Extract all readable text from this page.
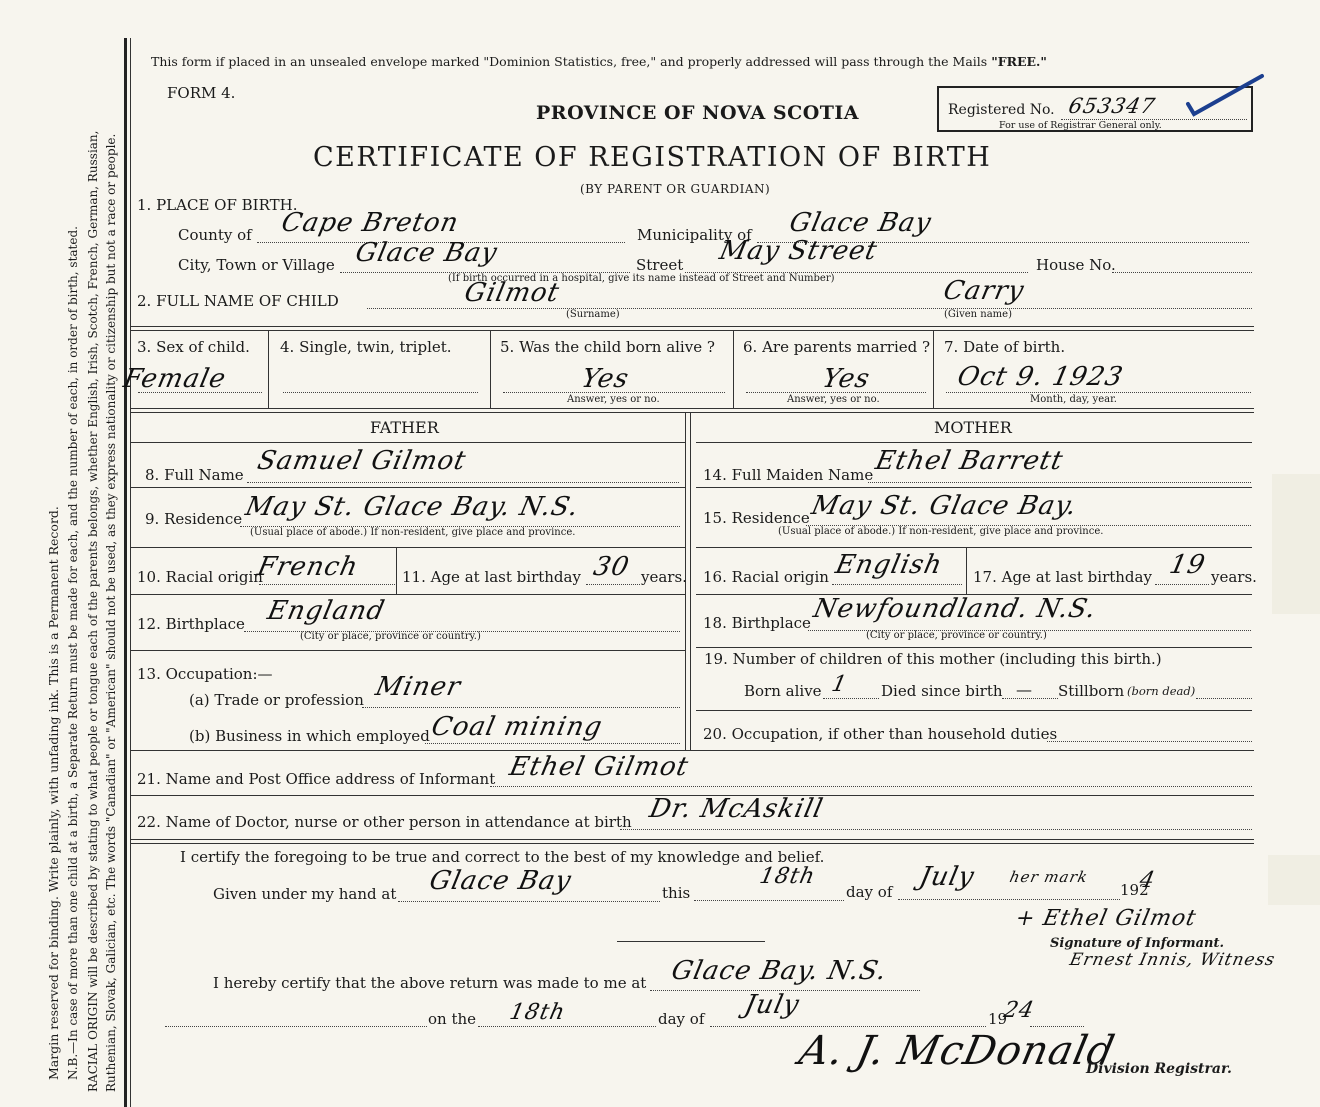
Margin reserved for binding. Write plainly, with unfading ink. This is a Permanent Record. N.B.—In case of more than one child at a birth, a Separate Return must be made for each, and the number of each, in order of birth, stated. RACIAL ORIGIN will be described by stating to what people or tongue each of the parents belongs, whether English, Irish, Scotch, French, German, Russian, Ruthenian, Slovak, Galician, etc. The words "Canadian" or "American" should not be used, as they express nationality or citizenship but not a race or people.
This form if placed in an unsealed envelope marked "Dominion Statistics, free," and properly addressed will pass through the Mails "FREE."
FORM 4.
PROVINCE OF NOVA SCOTIA
CERTIFICATE OF REGISTRATION OF BIRTH
(BY PARENT OR GUARDIAN)
Registered No. 653347
For use of Registrar General only.
1. PLACE OF BIRTH.
County of Cape Breton	Municipality of Glace Bay
City, Town or Village Glace Bay	Street May Street	House No.
(If birth occurred in a hospital, give its name instead of Street and Number)
2. FULL NAME OF CHILD	Gilmot
(Surname)
Carry
(Given name)
3. Sex of child.
Female
4. Single, twin, triplet.	5. Was the child born alive ?
Yes
Answer, yes or no.
6. Are parents married ?
Yes
Answer, yes or no.
7. Date of birth.
Oct 9. 1923
Month, day, year.
FATHER	MOTHER
8. Full Name Samuel Gilmot
9. Residence May St. Glace Bay. N.S.
(Usual place of abode.) If non-resident, give place and province.
10. Racial origin
French	11. Age at last birthday 30 years.
12. Birthplace England
(City or place, province or country.)
13. Occupation:—
(a) Trade or profession Miner
(b) Business in which employed Coal mining
14. Full Maiden Name Ethel Barrett
15. Residence May St. Glace Bay.
(Usual place of abode.) If non-resident, give place and province.
16. Racial origin English 17. Age at last birthday 19 years.
18. Birthplace Newfoundland. N.S.
(City or place, province or country.)
19. Number of children of this mother (including this birth.)
Born alive 1 Died since birth — Stillborn (born dead)
20. Occupation, if other than household duties
21. Name and Post Office address of Informant Ethel Gilmot
22. Name of Doctor, nurse or other person in attendance at birth Dr. McAskill
I certify the foregoing to be true and correct to the best of my knowledge and belief.
Given under my hand at Glace Bay	this
18th
day of July her mark
192
4
+ Ethel Gilmot
Signature of Informant.
Ernest Innis, Witness
I hereby certify that the above return was made to me at Glace Bay. N.S.
on the 18th	day of July	19
24
A. J. McDonald
Division Registrar.
